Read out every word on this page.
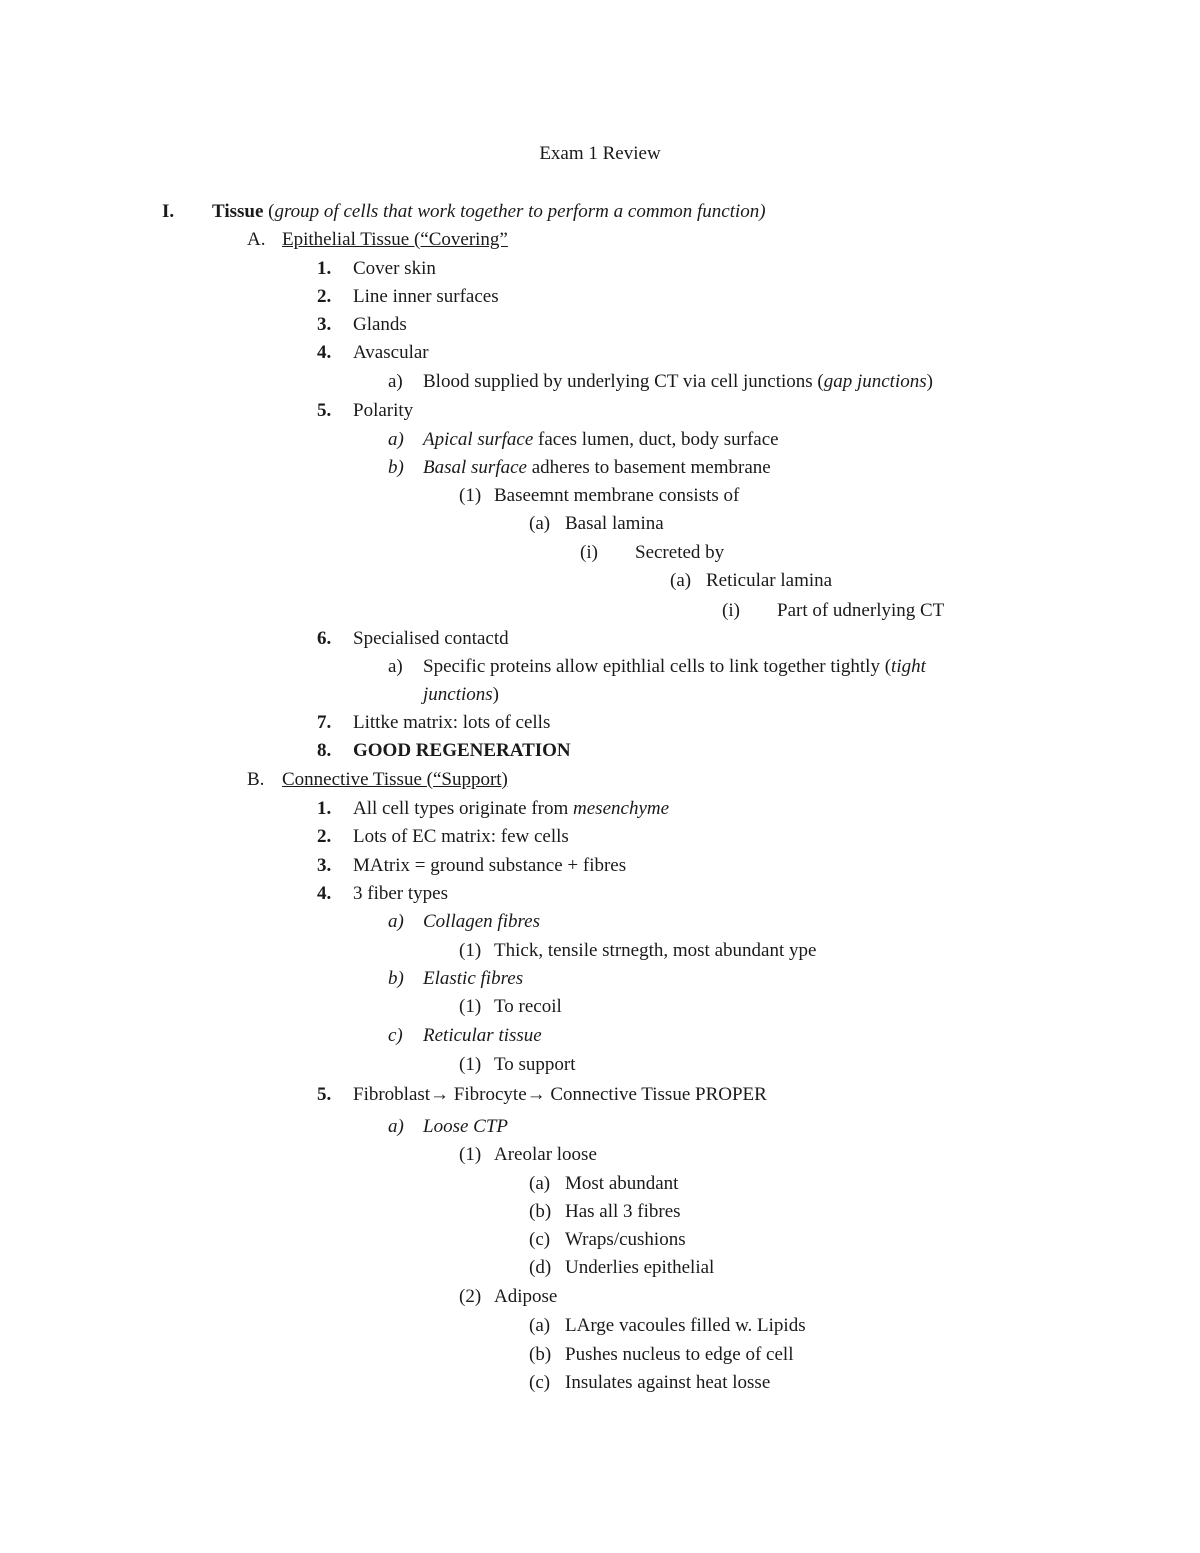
Exam 1 Review
I. Tissue (group of cells that work together to perform a common function)
A. Epithelial Tissue (“Covering”
1. Cover skin
2. Line inner surfaces
3. Glands
4. Avascular
a) Blood supplied by underlying CT via cell junctions (gap junctions)
5. Polarity
a) Apical surface faces lumen, duct, body surface
b) Basal surface adheres to basement membrane
(1) Baseemnt membrane consists of
(a) Basal lamina
(i) Secreted by
(a) Reticular lamina
(i) Part of udnerlying CT
6. Specialised contactd
a) Specific proteins allow epithlial cells to link together tightly (tight
junctions)
7. Littke matrix: lots of cells
8. GOOD REGENERATION
B. Connective Tissue (“Support)
1. All cell types originate from mesenchyme
2. Lots of EC matrix: few cells
3. MAtrix = ground substance + fibres
4. 3 fiber types
a) Collagen fibres
(1) Thick, tensile strnegth, most abundant ype
b) Elastic fibres
(1) To recoil
c) Reticular tissue
(1) To support
5. Fibroblast→ Fibrocyte→ Connective Tissue PROPER
a) Loose CTP
(1) Areolar loose
(a) Most abundant
(b) Has all 3 fibres
(c) Wraps/cushions
(d) Underlies epithelial
(2) Adipose
(a) LArge vacoules filled w. Lipids
(b) Pushes nucleus to edge of cell
(c) Insulates against heat losse
